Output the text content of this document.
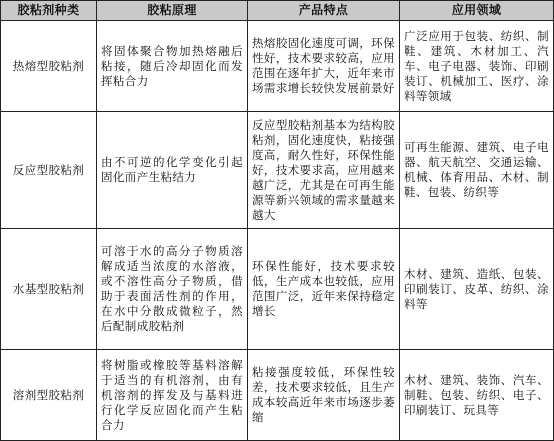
胶粘剂种类	胶粘原理	产品特点	应用领域
热熔型胶粘剂	将固体聚合物加热熔融后粘接，随后冷却固化而发挥粘合力	热熔胶固化速度可调，环保性好，技术要求较高，应用范围在逐年扩大，近年来市场需求增长较快发展前景好	广泛应用于包装、纺织、制鞋、建筑、木材加工、汽车、电子电器、装饰、印刷装订、机械加工、医疗、涂料等领域
反应型胶粘剂	由不可逆的化学变化引起固化而产生粘结力	反应型胶粘剂基本为结构胶粘剂，固化速度快，粘接强度高，耐久性好，环保性能好，技术要求高，应用越来越广泛，尤其是在可再生能源等新兴领域的需求量越来越大	可再生能源、建筑、电子电器、航天航空、交通运输、机械、体育用品、木材、制鞋、包装、纺织等
水基型胶粘剂	可溶于水的高分子物质溶解成适当浓度的水溶液，或不溶性高分子物质，借助于表面活性剂的作用，在水中分散成微粒子，然后配制成胶粘剂	环保性能好，技术要求较低，生产成本也较低，应用范围广泛，近年来保持稳定增长	木材、建筑、造纸、包装、印刷装订、皮革、纺织、涂料等
溶剂型胶粘剂	将树脂或橡胶等基料溶解于适当的有机溶剂，由有机溶剂的挥发及与基料进行化学反应固化而产生粘合力	粘接强度较低，环保性较差，技术要求较低，且生产成本较高近年来市场逐步萎缩	木材、建筑、装饰、汽车、制鞋、包装、纺织、电子、印刷装订、玩具等
